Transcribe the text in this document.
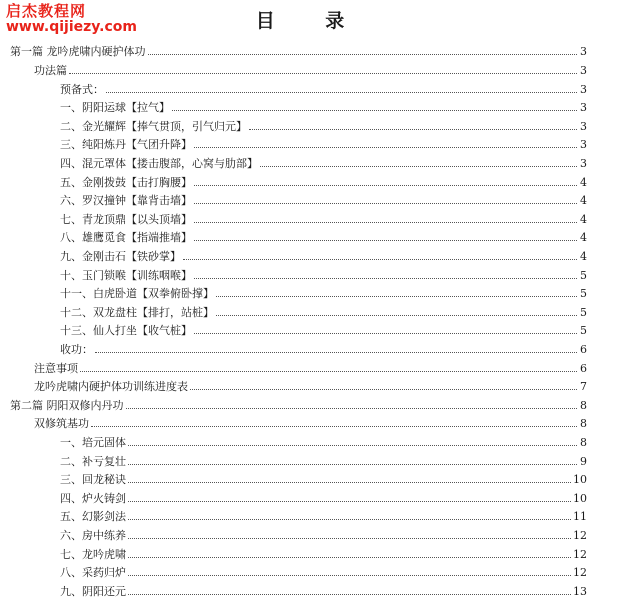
启杰教程网
www.qijiezy.com	目 录
第一篇 龙吟虎啸内硬护体功	3
功法篇	3
预备式：	3
一、阴阳运球【拉气】	3
二、金光耀辉【捧气贯顶，引气归元】	3
三、纯阳炼丹【气团升降】	3
四、混元罩体【搂击腹部，心窝与肋部】	3
五、金刚拨鼓【击打胸腰】	4
六、罗汉撞钟【靠背击墙】	4
七、青龙顶鼎【以头顶墙】	4
八、雄鹰觅食【指端推墙】	4
九、金刚击石【铁砂掌】	4
十、玉门锁喉【训练咽喉】	5
十一、白虎卧道【双拳俯卧撑】	5
十二、双龙盘柱【排打，站桩】	5
十三、仙人打坐【收气桩】	5
收功：	6
注意事项	6
龙吟虎啸内硬护体功训练进度表	7
第二篇 阴阳双修内丹功	8
双修筑基功	8
一、培元固体	8
二、补亏复壮	9
三、回龙秘诀	10
四、炉火铸剑	10
五、幻影剑法	11
六、房中练养	12
七、龙吟虎啸	12
八、采药归炉	12
九、阴阳还元	13
